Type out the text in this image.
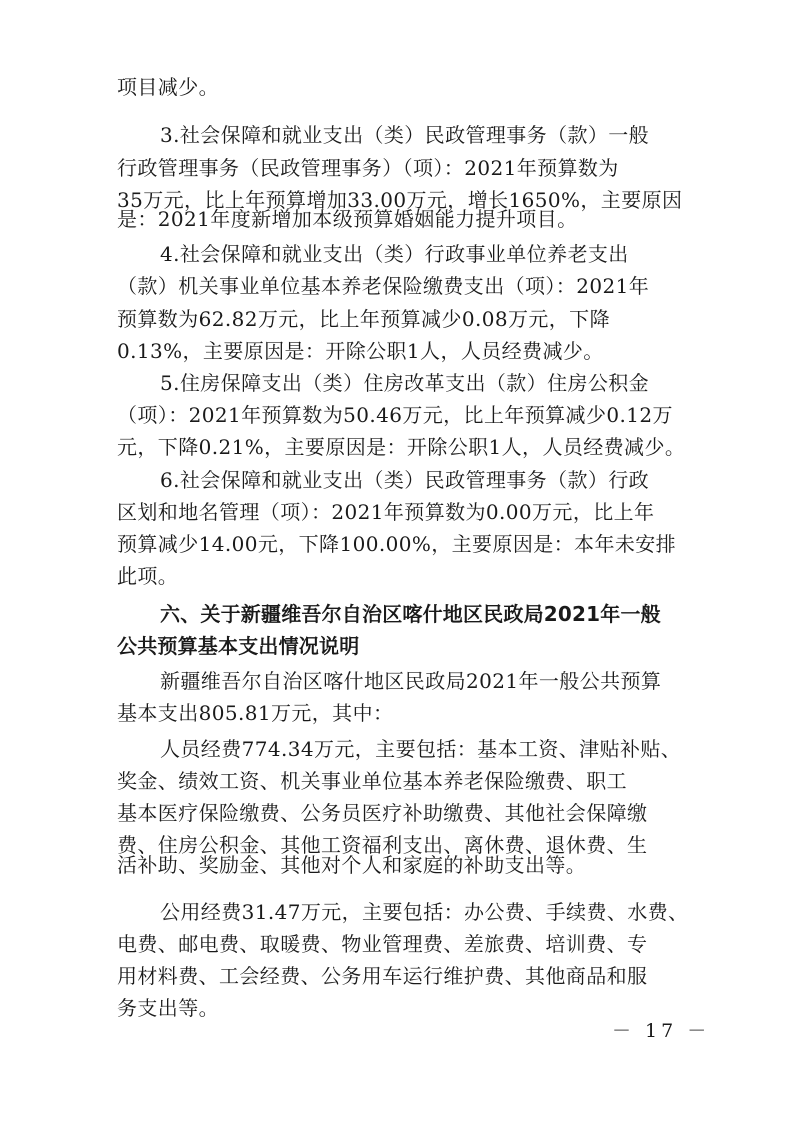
项目减少。
3.社会保障和就业支出（类）民政管理事务（款）一般
行政管理事务（民政管理事务）（项）：2021年预算数为
35万元，比上年预算增加33.00万元，增长1650%，主要原因
是：2021年度新增加本级预算婚姻能力提升项目。
4.社会保障和就业支出（类）行政事业单位养老支出
（款）机关事业单位基本养老保险缴费支出（项）：2021年
预算数为62.82万元，比上年预算减少0.08万元，下降
0.13%，主要原因是：开除公职1人，人员经费减少。
5.住房保障支出（类）住房改革支出（款）住房公积金
（项）：2021年预算数为50.46万元，比上年预算减少0.12万
元，下降0.21%，主要原因是：开除公职1人，人员经费减少。
6.社会保障和就业支出（类）民政管理事务（款）行政
区划和地名管理（项）：2021年预算数为0.00万元，比上年
预算减少14.00元，下降100.00%，主要原因是：本年未安排
此项。
六、关于新疆维吾尔自治区喀什地区民政局2021年一般
公共预算基本支出情况说明
新疆维吾尔自治区喀什地区民政局2021年一般公共预算
基本支出805.81万元，其中：
人员经费774.34万元，主要包括：基本工资、津贴补贴、
奖金、绩效工资、机关事业单位基本养老保险缴费、职工
基本医疗保险缴费、公务员医疗补助缴费、其他社会保障缴
费、住房公积金、其他工资福利支出、离休费、退休费、生
活补助、奖励金、其他对个人和家庭的补助支出等。
公用经费31.47万元，主要包括：办公费、手续费、水费、
电费、邮电费、取暖费、物业管理费、差旅费、培训费、专
用材料费、工会经费、公务用车运行维护费、其他商品和服
务支出等。
－ 17 －
